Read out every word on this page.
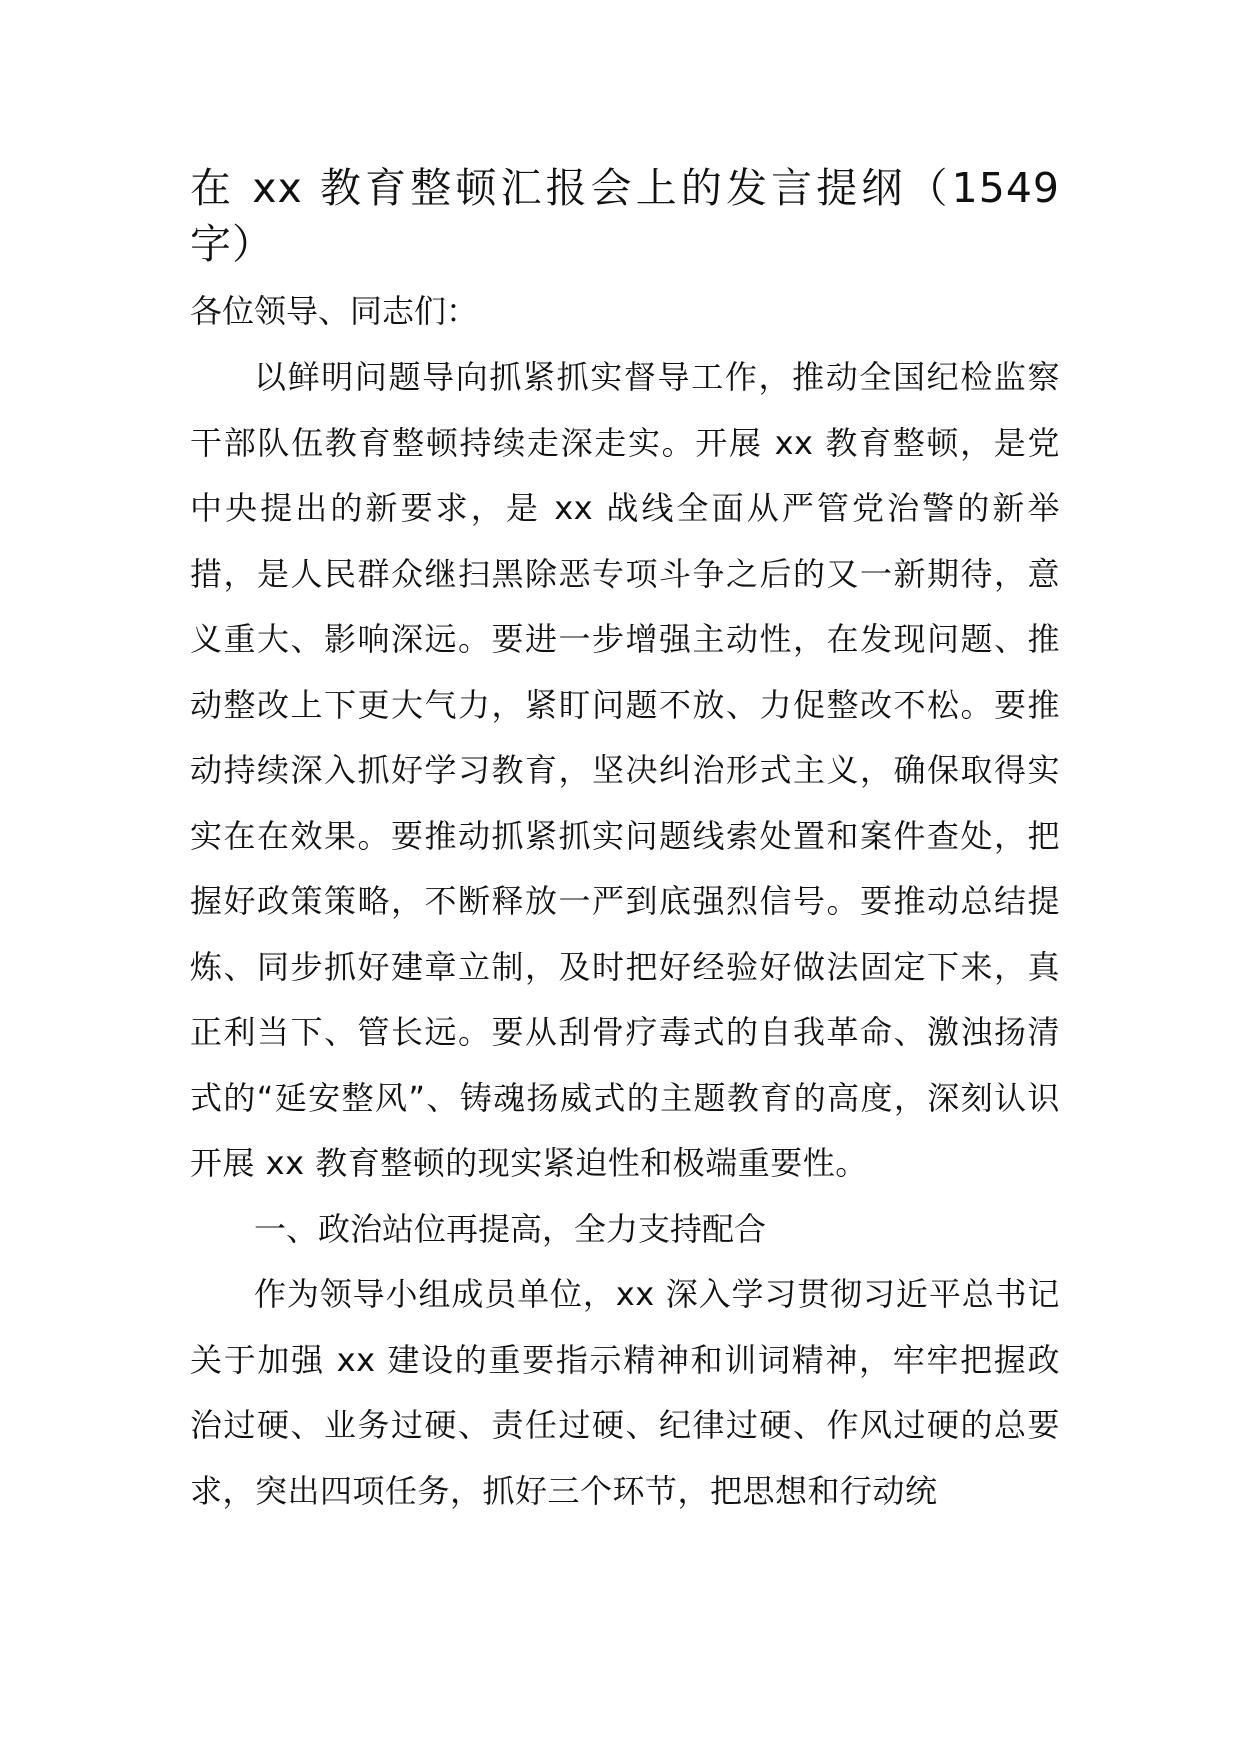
在 xx 教育整顿汇报会上的发言提纲（1549 字）

各位领导、同志们：

以鲜明问题导向抓紧抓实督导工作，推动全国纪检监察干部队伍教育整顿持续走深走实。开展 xx 教育整顿，是党中央提出的新要求，是 xx 战线全面从严管党治警的新举措，是人民群众继扫黑除恶专项斗争之后的又一新期待，意义重大、影响深远。要进一步增强主动性，在发现问题、推动整改上下更大气力，紧盯问题不放、力促整改不松。要推动持续深入抓好学习教育，坚决纠治形式主义，确保取得实实在在效果。要推动抓紧抓实问题线索处置和案件查处，把握好政策策略，不断释放一严到底强烈信号。要推动总结提炼、同步抓好建章立制，及时把好经验好做法固定下来，真正利当下、管长远。要从刮骨疗毒式的自我革命、激浊扬清式的“延安整风”、铸魂扬威式的主题教育的高度，深刻认识开展 xx 教育整顿的现实紧迫性和极端重要性。

一、政治站位再提高，全力支持配合

作为领导小组成员单位，xx 深入学习贯彻习近平总书记关于加强 xx 建设的重要指示精神和训词精神，牢牢把握政治过硬、业务过硬、责任过硬、纪律过硬、作风过硬的总要求，突出四项任务，抓好三个环节，把思想和行动统
